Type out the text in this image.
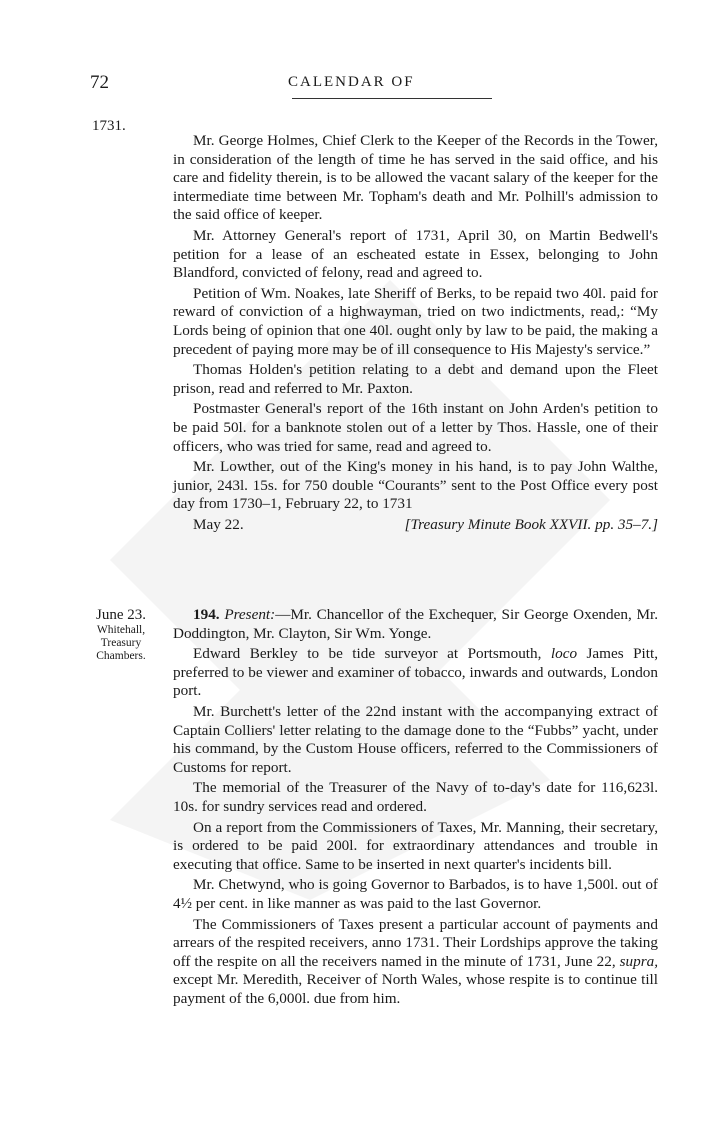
72	CALENDAR OF
1731.

Mr. George Holmes, Chief Clerk to the Keeper of the Records in the Tower, in consideration of the length of time he has served in the said office, and his care and fidelity therein, is to be allowed the vacant salary of the keeper for the intermediate time between Mr. Topham's death and Mr. Polhill's admission to the said office of keeper.

Mr. Attorney General's report of 1731, April 30, on Martin Bedwell's petition for a lease of an escheated estate in Essex, belonging to John Blandford, convicted of felony, read and agreed to.

Petition of Wm. Noakes, late Sheriff of Berks, to be repaid two 40l. paid for reward of conviction of a highwayman, tried on two indictments, read,: “My Lords being of opinion that one 40l. ought only by law to be paid, the making a precedent of paying more may be of ill consequence to His Majesty's service.”

Thomas Holden's petition relating to a debt and demand upon the Fleet prison, read and referred to Mr. Paxton.

Postmaster General's report of the 16th instant on John Arden's petition to be paid 50l. for a banknote stolen out of a letter by Thos. Hassle, one of their officers, who was tried for same, read and agreed to.

Mr. Lowther, out of the King's money in his hand, is to pay John Walthe, junior, 243l. 15s. for 750 double “Courants” sent to the Post Office every post day from 1730–1, February 22, to 1731

May 22.	[Treasury Minute Book XXVII. pp. 35–7.]

June 23.
Whitehall,
Treasury
Chambers.

194. Present:—Mr. Chancellor of the Exchequer, Sir George Oxenden, Mr. Doddington, Mr. Clayton, Sir Wm. Yonge.

Edward Berkley to be tide surveyor at Portsmouth, loco James Pitt, preferred to be viewer and examiner of tobacco, inwards and outwards, London port.

Mr. Burchett's letter of the 22nd instant with the accompanying extract of Captain Colliers' letter relating to the damage done to the “Fubbs” yacht, under his command, by the Custom House officers, referred to the Commissioners of Customs for report.

The memorial of the Treasurer of the Navy of to-day's date for 116,623l. 10s. for sundry services read and ordered.

On a report from the Commissioners of Taxes, Mr. Manning, their secretary, is ordered to be paid 200l. for extraordinary attendances and trouble in executing that office. Same to be inserted in next quarter's incidents bill.

Mr. Chetwynd, who is going Governor to Barbados, is to have 1,500l. out of 4½ per cent. in like manner as was paid to the last Governor.

The Commissioners of Taxes present a particular account of payments and arrears of the respited receivers, anno 1731. Their Lordships approve the taking off the respite on all the receivers named in the minute of 1731, June 22, supra, except Mr. Meredith, Receiver of North Wales, whose respite is to continue till payment of the 6,000l. due from him.
